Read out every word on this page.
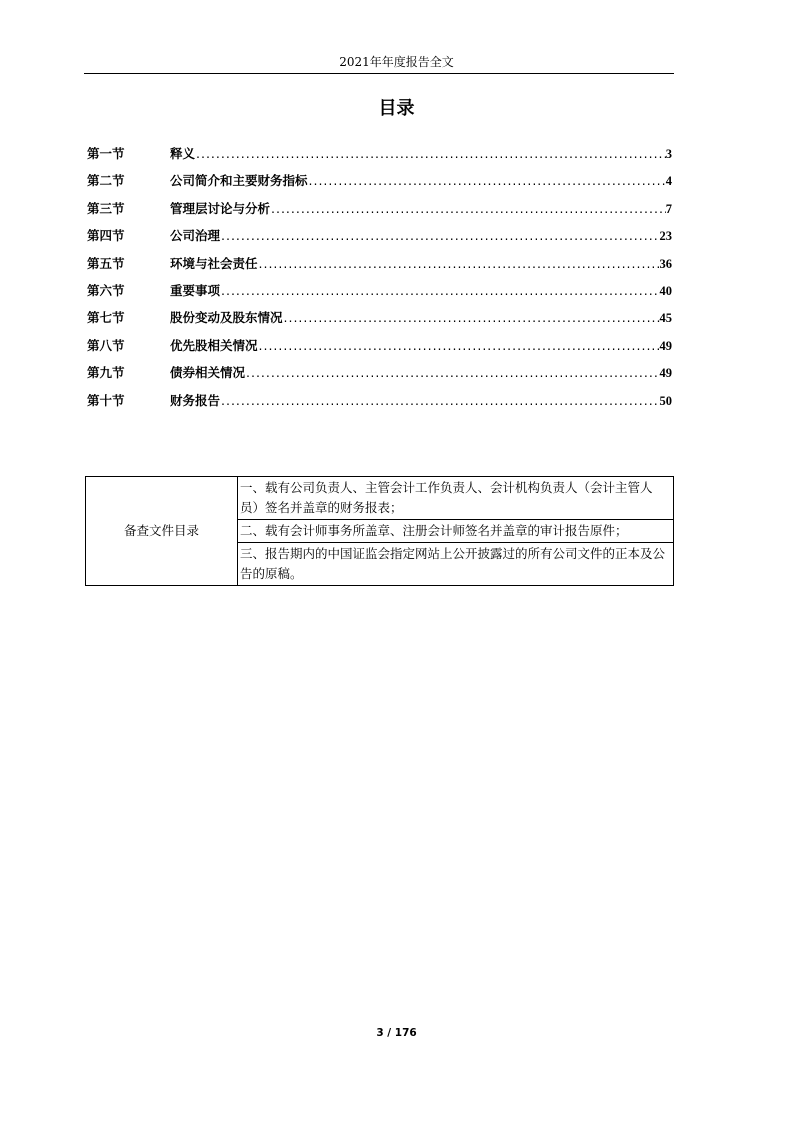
2021年年度报告全文
目录
第一节	释义 .....	3
第二节	公司简介和主要财务指标 .....	4
第三节	管理层讨论与分析 .....	7
第四节	公司治理 .....	23
第五节	环境与社会责任 .....	36
第六节	重要事项 .....	40
第七节	股份变动及股东情况 .....	45
第八节	优先股相关情况 .....	49
第九节	债券相关情况 .....	49
第十节	财务报告 .....	50
备查文件目录	一、载有公司负责人、主管会计工作负责人、会计机构负责人（会计主管人员）签名并盖章的财务报表；
二、载有会计师事务所盖章、注册会计师签名并盖章的审计报告原件；
三、报告期内的中国证监会指定网站上公开披露过的所有公司文件的正本及公告的原稿。
3 / 176
